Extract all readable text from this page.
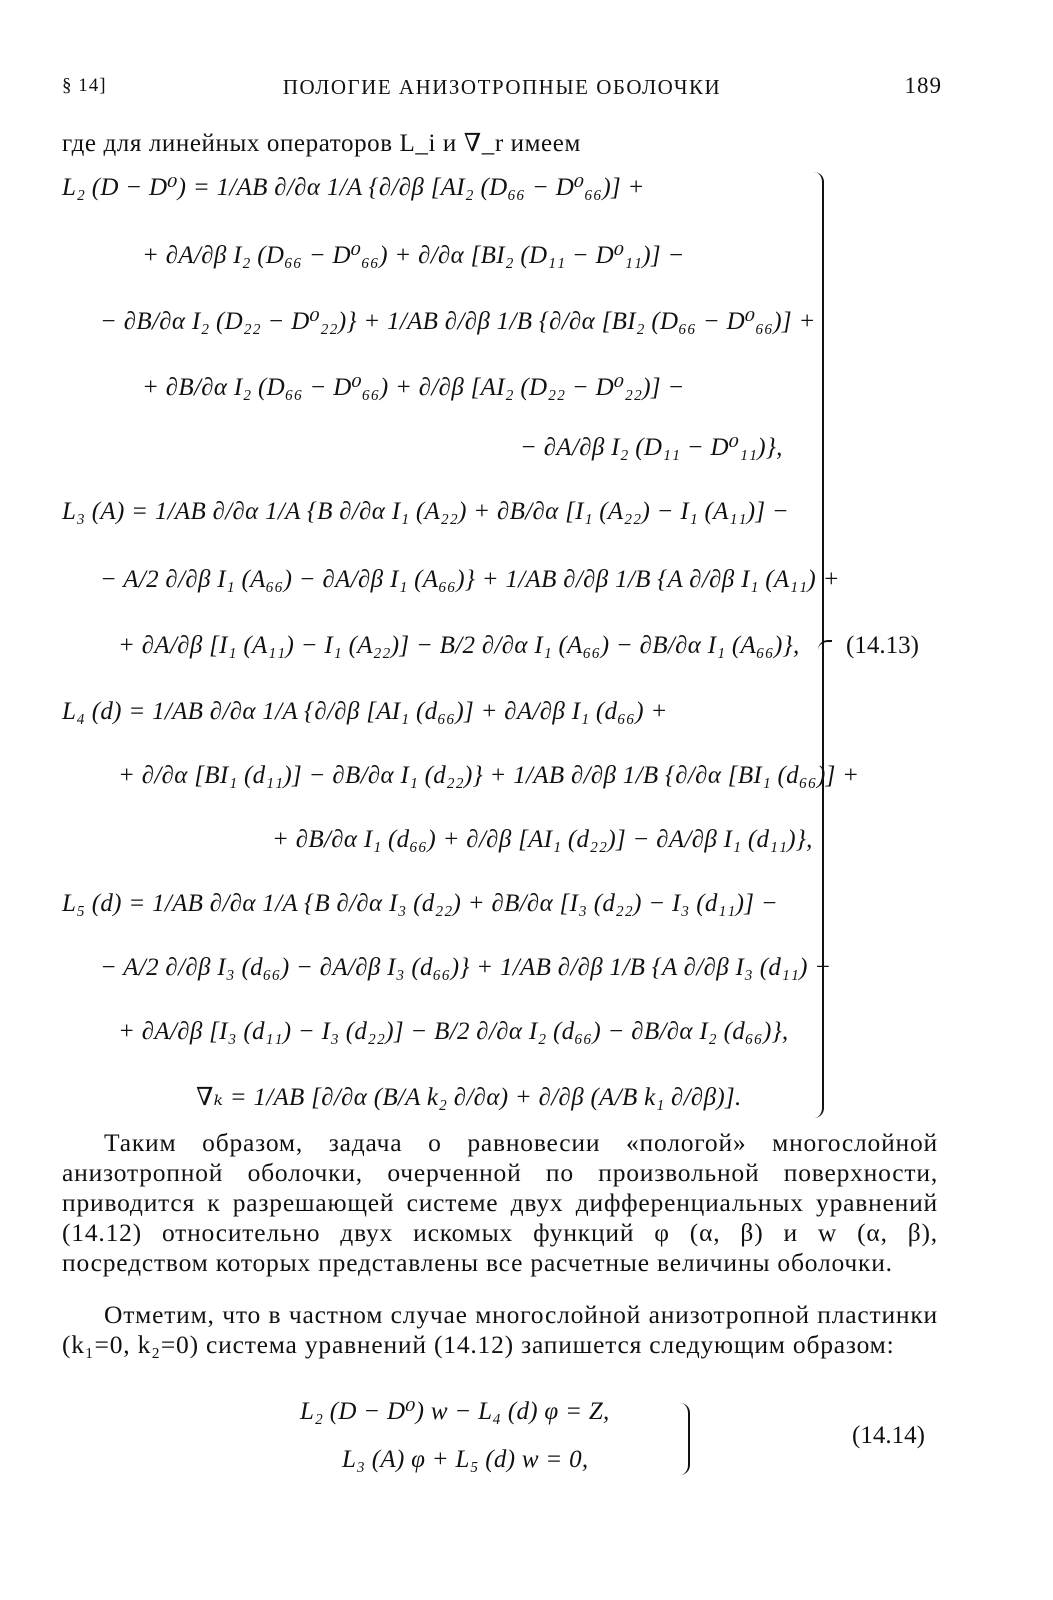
§ 14]	ПОЛОГИЕ АНИЗОТРОПНЫЕ ОБОЛОЧКИ	189
где для линейных операторов L_i и ∇_r имеем
L₂ (D − D⁰) = 1/AB ∂/∂α 1/A {∂/∂β [AI₂ (D₆₆ − D⁰₆₆)] +
+ ∂A/∂β I₂ (D₆₆ − D⁰₆₆) + ∂/∂α [BI₂ (D₁₁ − D⁰₁₁)] −
− ∂B/∂α I₂ (D₂₂ − D⁰₂₂)} + 1/AB ∂/∂β 1/B {∂/∂α [BI₂ (D₆₆ − D⁰₆₆)] +
+ ∂B/∂α I₂ (D₆₆ − D⁰₆₆) + ∂/∂β [AI₂ (D₂₂ − D⁰₂₂)] −
− ∂A/∂β I₂ (D₁₁ − D⁰₁₁)},
L₃ (A) = 1/AB ∂/∂α 1/A {B ∂/∂α I₁ (A₂₂) + ∂B/∂α [I₁ (A₂₂) − I₁ (A₁₁)] −
− A/2 ∂/∂β I₁ (A₆₆) − ∂A/∂β I₁ (A₆₆)} + 1/AB ∂/∂β 1/B {A ∂/∂β I₁ (A₁₁) +
+ ∂A/∂β [I₁ (A₁₁) − I₁ (A₂₂)] − B/2 ∂/∂α I₁ (A₆₆) − ∂B/∂α I₁ (A₆₆)},
L₄ (d) = 1/AB ∂/∂α 1/A {∂/∂β [AI₁ (d₆₆)] + ∂A/∂β I₁ (d₆₆) +
+ ∂/∂α [BI₁ (d₁₁)] − ∂B/∂α I₁ (d₂₂)} + 1/AB ∂/∂β 1/B {∂/∂α [BI₁ (d₆₆)] +
+ ∂B/∂α I₁ (d₆₆) + ∂/∂β [AI₁ (d₂₂)] − ∂A/∂β I₁ (d₁₁)},
L₅ (d) = 1/AB ∂/∂α 1/A {B ∂/∂α I₃ (d₂₂) + ∂B/∂α [I₃ (d₂₂) − I₃ (d₁₁)] −
− A/2 ∂/∂β I₃ (d₆₆) − ∂A/∂β I₃ (d₆₆)} + 1/AB ∂/∂β 1/B {A ∂/∂β I₃ (d₁₁) +
+ ∂A/∂β [I₃ (d₁₁) − I₃ (d₂₂)] − B/2 ∂/∂α I₂ (d₆₆) − ∂B/∂α I₂ (d₆₆)},
∇ₖ = 1/AB [∂/∂α (B/A k₂ ∂/∂α) + ∂/∂β (A/B k₁ ∂/∂β)].
(14.13)

Таким образом, задача о равновесии «пологой» многослойной анизотропной оболочки, очерченной по произвольной поверхности, приводится к разрешающей системе двух дифференциальных уравнений (14.12) относительно двух искомых функций φ (α, β) и w (α, β), посредством которых представлены все расчетные величины оболочки.

Отметим, что в частном случае многослойной анизотропной пластинки (k₁=0, k₂=0) система уравнений (14.12) запишется следующим образом:

L₂ (D − D⁰) w − L₄ (d) φ = Z,
L₃ (A) φ + L₅ (d) w = 0,
(14.14)
